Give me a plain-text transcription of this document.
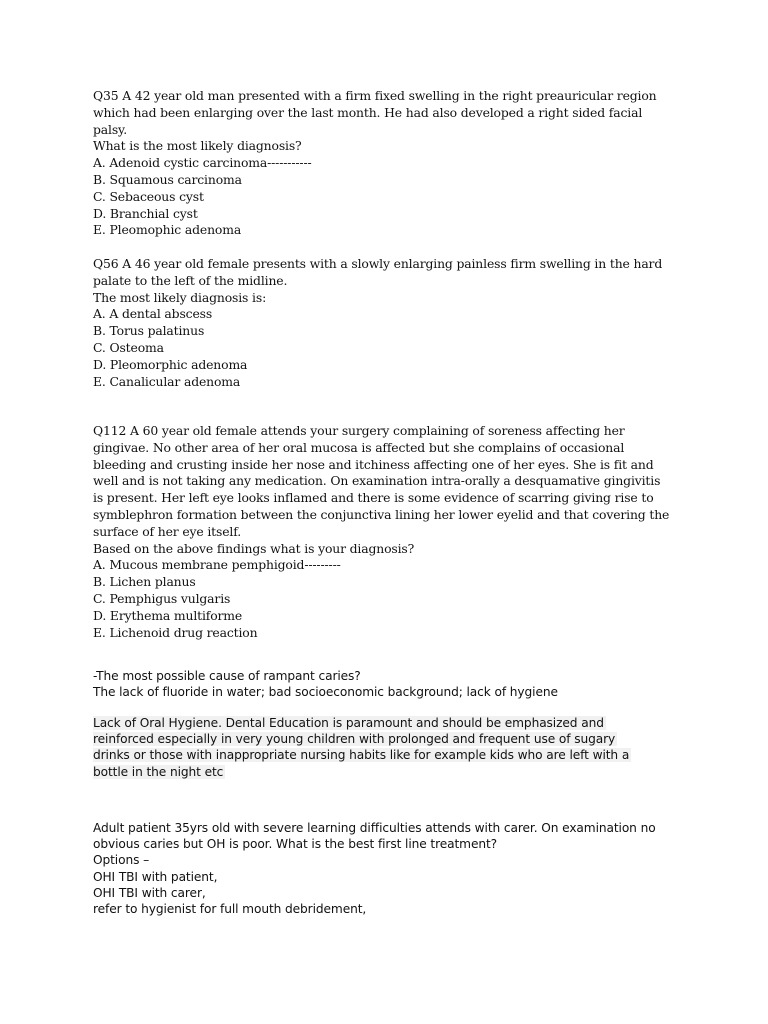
Q35 A 42 year old man presented with a firm fixed swelling in the right preauricular region

which had been enlarging over the last month. He had also developed a right sided facial

palsy.

What is the most likely diagnosis?

A. Adenoid cystic carcinoma-----------

B. Squamous carcinoma

C. Sebaceous cyst

D. Branchial cyst

E. Pleomophic adenoma

Q56 A 46 year old female presents with a slowly enlarging painless firm swelling in the hard

palate to the left of the midline.

The most likely diagnosis is:

A. A dental abscess

B. Torus palatinus

C. Osteoma

D. Pleomorphic adenoma

E. Canalicular adenoma

Q112 A 60 year old female attends your surgery complaining of soreness affecting her

gingivae. No other area of her oral mucosa is affected but she complains of occasional

bleeding and crusting inside her nose and itchiness affecting one of her eyes. She is fit and

well and is not taking any medication. On examination intra-orally a desquamative gingivitis

is present. Her left eye looks inflamed and there is some evidence of scarring giving rise to

symblephron formation between the conjunctiva lining her lower eyelid and that covering the

surface of her eye itself.

Based on the above findings what is your diagnosis?

A. Mucous membrane pemphigoid---------

B. Lichen planus

C. Pemphigus vulgaris

D. Erythema multiforme

E. Lichenoid drug reaction

-The most possible cause of rampant caries?

The lack of fluoride in water; bad socioeconomic background; lack of hygiene

Lack of Oral Hygiene. Dental Education is paramount and should be emphasized and

reinforced especially in very young children with prolonged and frequent use of sugary

drinks or those with inappropriate nursing habits like for example kids who are left with a

bottle in the night etc

Adult patient 35yrs old with severe learning difficulties attends with carer. On examination no

obvious caries but OH is poor. What is the best first line treatment?

Options –

OHI TBI with patient,

OHI TBI with carer,

refer to hygienist for full mouth debridement,
